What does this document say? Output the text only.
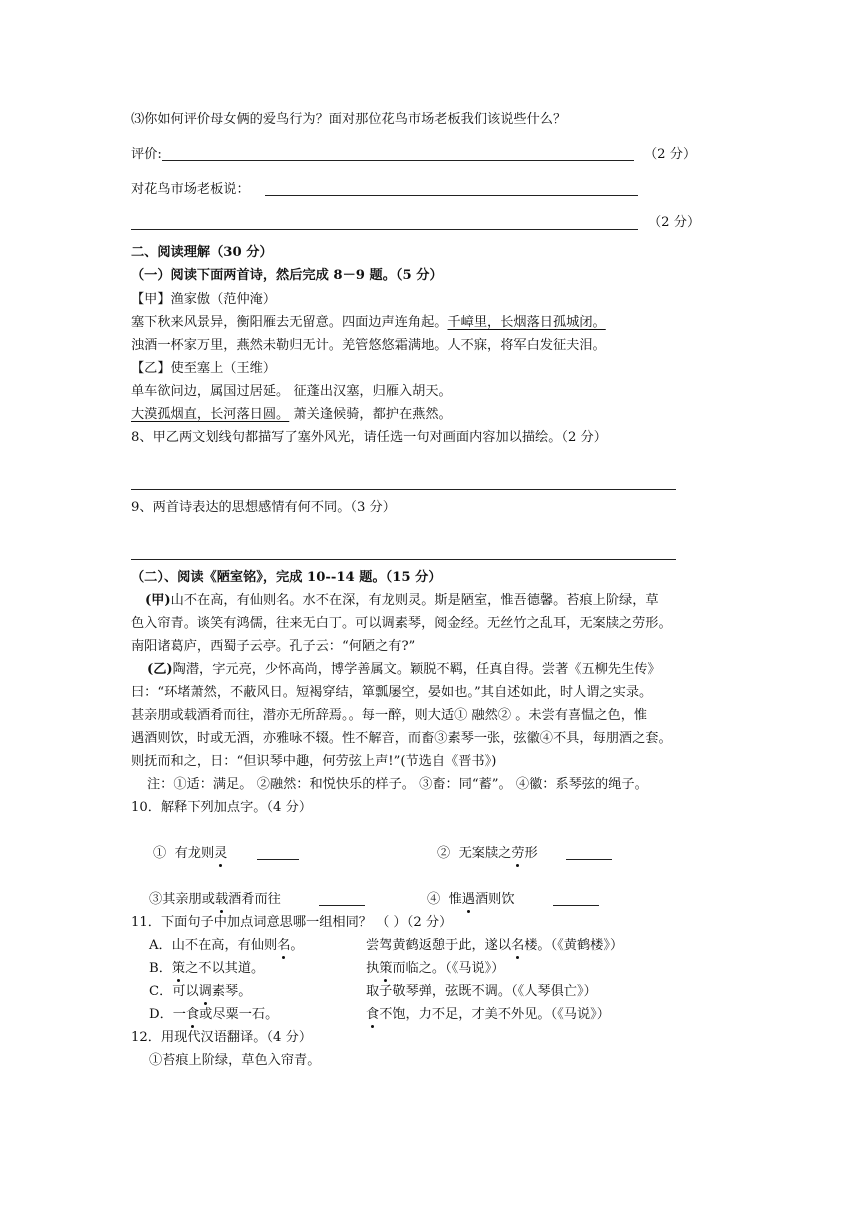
⑶你如何评价母女俩的爱鸟行为？面对那位花鸟市场老板我们该说些什么？
评价:	（2 分）
对花鸟市场老板说：
（2 分）
二、阅读理解（30 分）
（一）阅读下面两首诗，然后完成 8－9 题。（5 分）
【甲】渔家傲（范仲淹）
塞下秋来风景异，衡阳雁去无留意。四面边声连角起。千嶂里，长烟落日孤城闭。
浊酒一杯家万里，燕然未勒归无计。羌管悠悠霜满地。人不寐，将军白发征夫泪。
【乙】使至塞上（王维）
单车欲问边，属国过居延。 征蓬出汉塞，归雁入胡天。
大漠孤烟直，长河落日圆。 萧关逢候骑，都护在燕然。
8、甲乙两文划线句都描写了塞外风光，请任选一句对画面内容加以描绘。（2 分）
9、两首诗表达的思想感情有何不同。（3 分）
（二）、阅读《陋室铭》，完成 10--14 题。（15 分）
(甲)山不在高，有仙则名。水不在深，有龙则灵。斯是陋室，惟吾德馨。苔痕上阶绿，草
色入帘青。谈笑有鸿儒，往来无白丁。可以调素琴，阅金经。无丝竹之乱耳，无案牍之劳形。
南阳诸葛庐，西蜀子云亭。孔子云：“何陋之有?”
(乙)陶潜，字元亮，少怀高尚，博学善属文。颖脱不羁，任真自得。尝著《五柳先生传》
曰：“环堵萧然，不蔽风日。短褐穿结，箪瓢屡空，晏如也。”其自述如此，时人谓之实录。
甚亲朋或载酒肴而往，潜亦无所辞焉。。每一醉，则大适① 融然② 。未尝有喜愠之色，惟
遇酒则饮，时或无酒，亦雅咏不辍。性不解音，而畜③素琴一张，弦徽④不具，每朋酒之套。
则抚而和之，日：“但识琴中趣，何劳弦上声!”(节选自《晋书》)
注：①适：满足。 ②融然：和悦快乐的样子。 ③畜：同“蓄”。 ④徽：系琴弦的绳子。
10．解释下列加点字。（4 分）
① 有龙则灵	② 无案牍之劳形
③其亲朋或载酒肴而往	④ 惟遇酒则饮
11．下面句子中加点词意思哪一组相同？ （ ）（2 分）
A．山不在高，有仙则名。	尝驾黄鹤返憩于此，遂以名楼。（《黄鹤楼》）
B．策之不以其道。	执策而临之。（《马说》）
C．可以调素琴。	取子敬琴弹，弦既不调。（《人琴俱亡》）
D．一食或尽粟一石。	食不饱，力不足，才美不外见。（《马说》）
12．用现代汉语翻译。（4 分）
①苔痕上阶绿，草色入帘青。
